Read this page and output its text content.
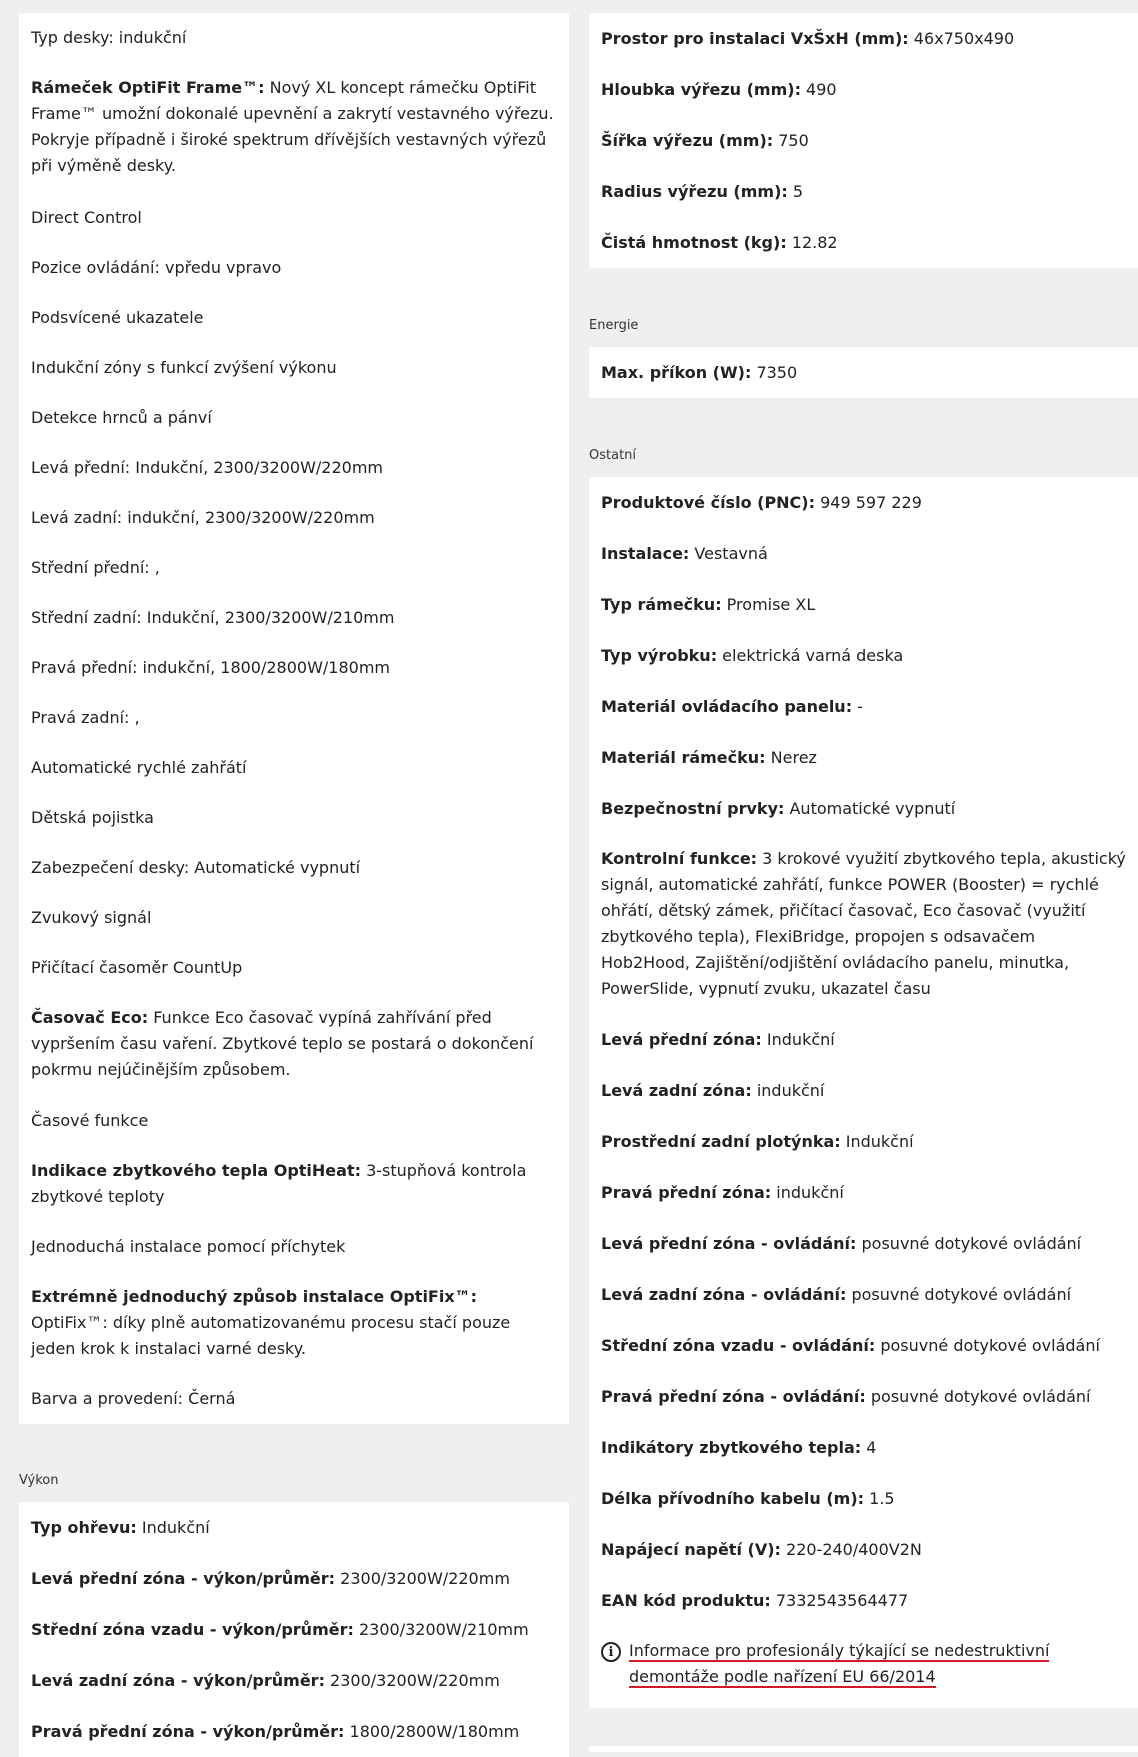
Typ desky: indukční
Rámeček OptiFit Frame™: Nový XL koncept rámečku OptiFit Frame™ umožní dokonalé upevnění a zakrytí vestavného výřezu. Pokryje případně i široké spektrum dřívějších vestavných výřezů při výměně desky.
Direct Control
Pozice ovládání: vpředu vpravo
Podsvícené ukazatele
Indukční zóny s funkcí zvýšení výkonu
Detekce hrnců a pánví
Levá přední: Indukční, 2300/3200W/220mm
Levá zadní: indukční, 2300/3200W/220mm
Střední přední: ,
Střední zadní: Indukční, 2300/3200W/210mm
Pravá přední: indukční, 1800/2800W/180mm
Pravá zadní: ,
Automatické rychlé zahřátí
Dětská pojistka
Zabezpečení desky: Automatické vypnutí
Zvukový signál
Přičítací časoměr CountUp
Časovač Eco: Funkce Eco časovač vypíná zahřívání před vypršením času vaření. Zbytkové teplo se postará o dokončení pokrmu nejúčinějším způsobem.
Časové funkce
Indikace zbytkového tepla OptiHeat: 3-stupňová kontrola zbytkové teploty
Jednoduchá instalace pomocí příchytek
Extrémně jednoduchý způsob instalace OptiFix™: OptiFix™: díky plně automatizovanému procesu stačí pouze jeden krok k instalaci varné desky.
Barva a provedení: Černá
Výkon
Typ ohřevu: Indukční
Levá přední zóna - výkon/průměr: 2300/3200W/220mm
Střední zóna vzadu - výkon/průměr: 2300/3200W/210mm
Levá zadní zóna - výkon/průměr: 2300/3200W/220mm
Pravá přední zóna - výkon/průměr: 1800/2800W/180mm
Prostor pro instalaci VxŠxH (mm): 46x750x490
Hloubka výřezu (mm): 490
Šířka výřezu (mm): 750
Radius výřezu (mm): 5
Čistá hmotnost (kg): 12.82
Energie
Max. příkon (W): 7350
Ostatní
Produktové číslo (PNC): 949 597 229
Instalace: Vestavná
Typ rámečku: Promise XL
Typ výrobku: elektrická varná deska
Materiál ovládacího panelu: -
Materiál rámečku: Nerez
Bezpečnostní prvky: Automatické vypnutí
Kontrolní funkce: 3 krokové využití zbytkového tepla, akustický signál, automatické zahřátí, funkce POWER (Booster) = rychlé ohřátí, dětský zámek, přičítací časovač, Eco časovač (využití zbytkového tepla), FlexiBridge, propojen s odsavačem Hob2Hood, Zajištění/odjištění ovládacího panelu, minutka, PowerSlide, vypnutí zvuku, ukazatel času
Levá přední zóna: Indukční
Levá zadní zóna: indukční
Prostřední zadní plotýnka: Indukční
Pravá přední zóna: indukční
Levá přední zóna - ovládání: posuvné dotykové ovládání
Levá zadní zóna - ovládání: posuvné dotykové ovládání
Střední zóna vzadu - ovládání: posuvné dotykové ovládání
Pravá přední zóna - ovládání: posuvné dotykové ovládání
Indikátory zbytkového tepla: 4
Délka přívodního kabelu (m): 1.5
Napájecí napětí (V): 220-240/400V2N
EAN kód produktu: 7332543564477
i Informace pro profesionály týkající se nedestruktivní demontáže podle nařízení EU 66/2014
